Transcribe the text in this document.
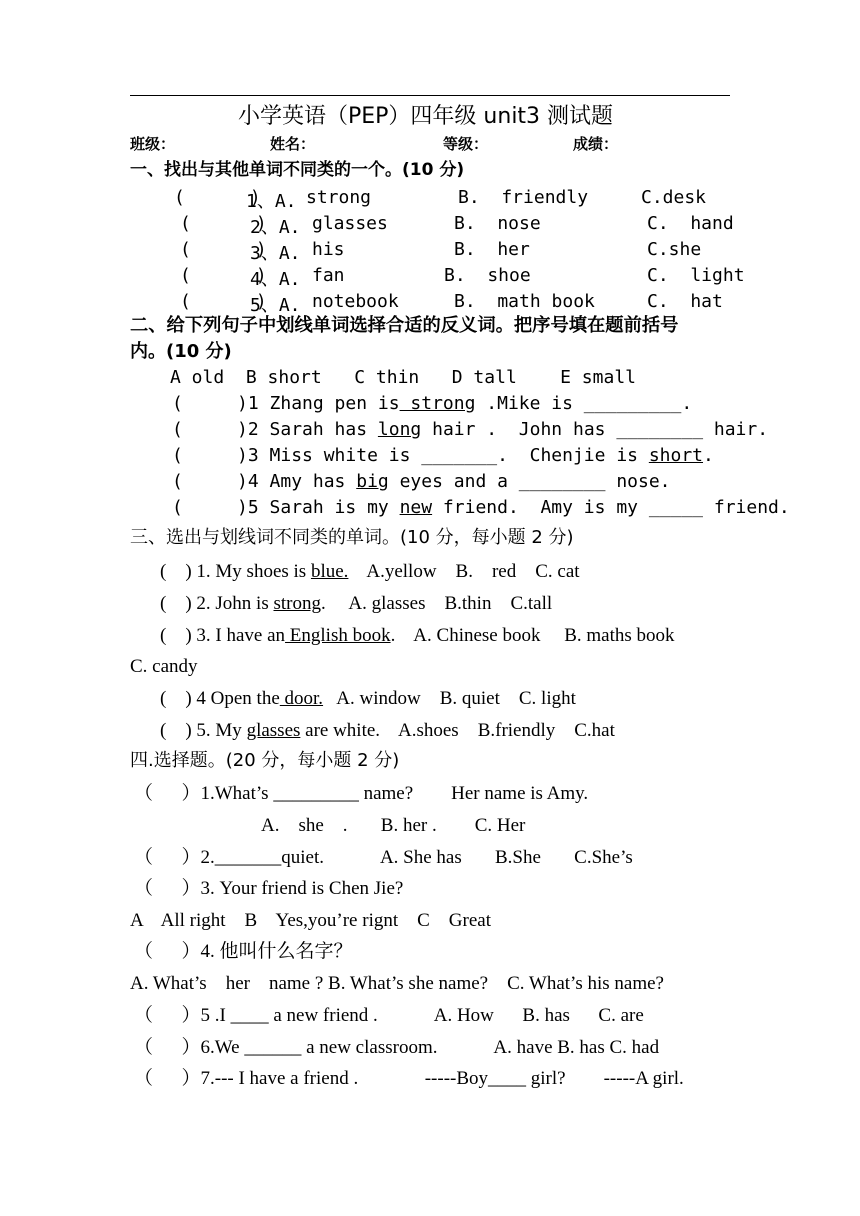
小学英语（PEP）四年级 unit3 测试题
班级：	姓名：	等级：	成绩：
一、找出与其他单词不同类的一个。(10 分)
(      )
1、A. strong	B.  friendly	C.desk
(      )
2、A. glasses	B.  nose	C.  hand
(      )
3、A. his	B.  her	C.she
(      )
4、A. fan	B.  shoe	C.  light
(      )
5、A. notebook	B.  math book	C.  hat
二、给下列句子中划线单词选择合适的反义词。把序号填在题前括号
内。(10 分)
A old  B short   C thin   D tall    E small
(     )1 Zhang pen is strong .Mike is _________.
(     )2 Sarah has long hair .  John has ________ hair.
(     )3 Miss white is _______.  Chenjie is short.
(     )4 Amy has big eyes and a ________ nose.
(     )5 Sarah is my new friend.  Amy is my _____ friend.
三、选出与划线词不同类的单词。(10 分，每小题 2 分)
(    ) 1. My shoes is blue.    A.yellow    B.    red    C. cat
(    ) 2. John is strong.     A. glasses    B.thin    C.tall
(    ) 3. I have an English book.    A. Chinese book     B. maths book
C. candy
(    ) 4 Open the door.   A. window    B. quiet    C. light
(    ) 5. My glasses are white.    A.shoes    B.friendly    C.hat
四.选择题。(20 分，每小题 2 分)
（      ）1.What’s _________ name?        Her name is Amy.
A.    she    .       B. her .        C. Her
（      ）2._______quiet.            A. She has       B.She       C.She’s
（      ）3. Your friend is Chen Jie?
A    All right    B    Yes,you’re rignt    C    Great
（      ）4. 他叫什么名字？
A. What’s    her    name ? B. What’s she name?    C. What’s his name?
（      ）5 .I ____ a new friend .            A. How      B. has      C. are
（      ）6.We ______ a new classroom.            A. have B. has C. had
（      ）7.--- I have a friend .              -----Boy____ girl?        -----A girl.
